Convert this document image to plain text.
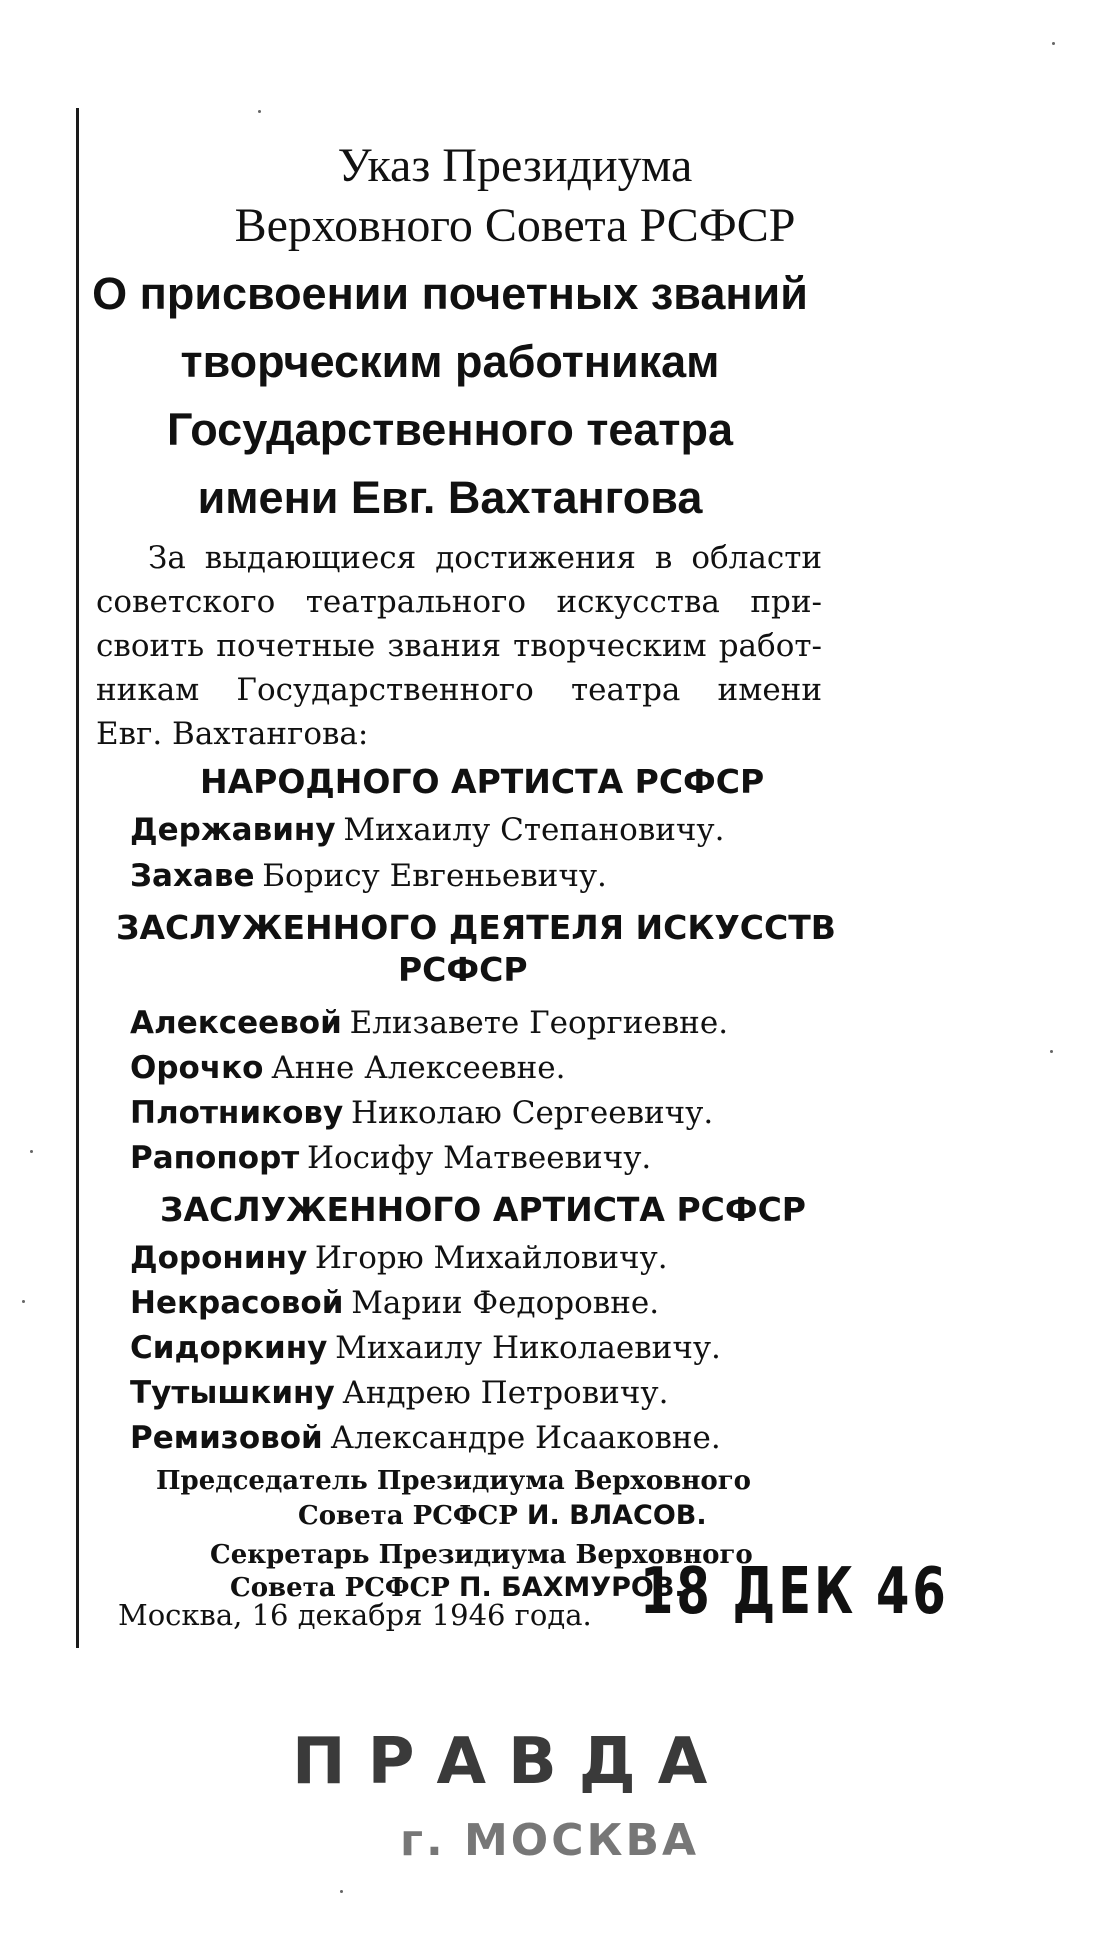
Указ Президиума
Верховного Совета РСФСР
О присвоении почетных званий
творческим работникам
Государственного театра
имени Евг. Вахтангова
За выдающиеся достижения в области
советского театрального искусства при-
своить почетные звания творческим работ-
никам Государственного театра имени
Евг. Вахтангова:
НАРОДНОГО АРТИСТА РСФСР
Державину Михаилу Степановичу.
Захаве Борису Евгеньевичу.
ЗАСЛУЖЕННОГО ДЕЯТЕЛЯ ИСКУССТВ
РСФСР
Алексеевой Елизавете Георгиевне.
Орочко Анне Алексеевне.
Плотникову Николаю Сергеевичу.
Рапопорт Иосифу Матвеевичу.
ЗАСЛУЖЕННОГО АРТИСТА РСФСР
Доронину Игорю Михайловичу.
Некрасовой Марии Федоровне.
Сидоркину Михаилу Николаевичу.
Тутышкину Андрею Петровичу.
Ремизовой Александре Исааковне.
Председатель Президиума Верховного
Совета РСФСР И. ВЛАСОВ.
Секретарь Президиума Верховного
Совета РСФСР П. БАХМУРОВ.
Москва, 16 декабря 1946 года. 18 ДЕК 46
ПРАВДА
г. МОСКВА
